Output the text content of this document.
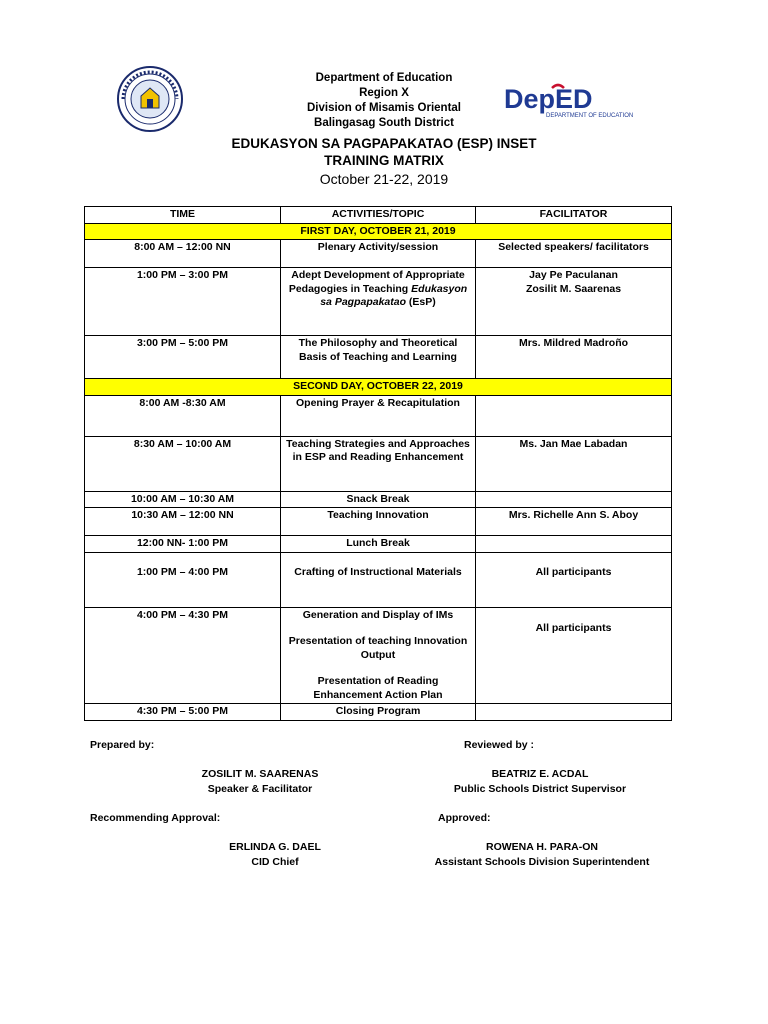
Department of Education
Region X
Division of Misamis Oriental
Balingasag South District
DepED
DEPARTMENT OF EDUCATION
EDUKASYON SA PAGPAPAKATAO (ESP) INSET
TRAINING MATRIX
October 21-22, 2019
TIME	ACTIVITIES/TOPIC	FACILITATOR
FIRST DAY, OCTOBER 21, 2019		
8:00 AM – 12:00 NN	Plenary Activity/session	Selected speakers/ facilitators
1:00 PM – 3:00 PM	Adept Development of Appropriate Pedagogies in Teaching Edukasyon sa Pagpapakatao (EsP)	Jay Pe Paculanan
Zosilit M. Saarenas

3:00 PM – 5:00 PM	The Philosophy and Theoretical Basis of Teaching and Learning	Mrs. Mildred Madroño
SECOND DAY, OCTOBER 22, 2019		
8:00 AM -8:30 AM	Opening Prayer & Recapitulation	
8:30 AM – 10:00 AM	Teaching Strategies and Approaches in ESP and Reading Enhancement	Ms. Jan Mae Labadan
10:00 AM – 10:30 AM	Snack Break	
10:30 AM – 12:00 NN	Teaching Innovation	Mrs. Richelle Ann S. Aboy
12:00 NN- 1:00 PM	Lunch Break	
1:00 PM – 4:00 PM	Crafting of Instructional Materials	All participants
4:00 PM – 4:30 PM	Generation and Display of IMs
Presentation of teaching Innovation Output
Presentation of Reading Enhancement Action Plan	All participants
4:30 PM – 5:00 PM	Closing Program	
Prepared by:	Reviewed by :
ZOSILIT M. SAARENAS
Speaker & Facilitator
BEATRIZ E. ACDAL
Public Schools District Supervisor
Recommending Approval:	Approved:
ERLINDA G. DAEL
CID Chief
ROWENA H. PARA-ON
Assistant Schools Division Superintendent
